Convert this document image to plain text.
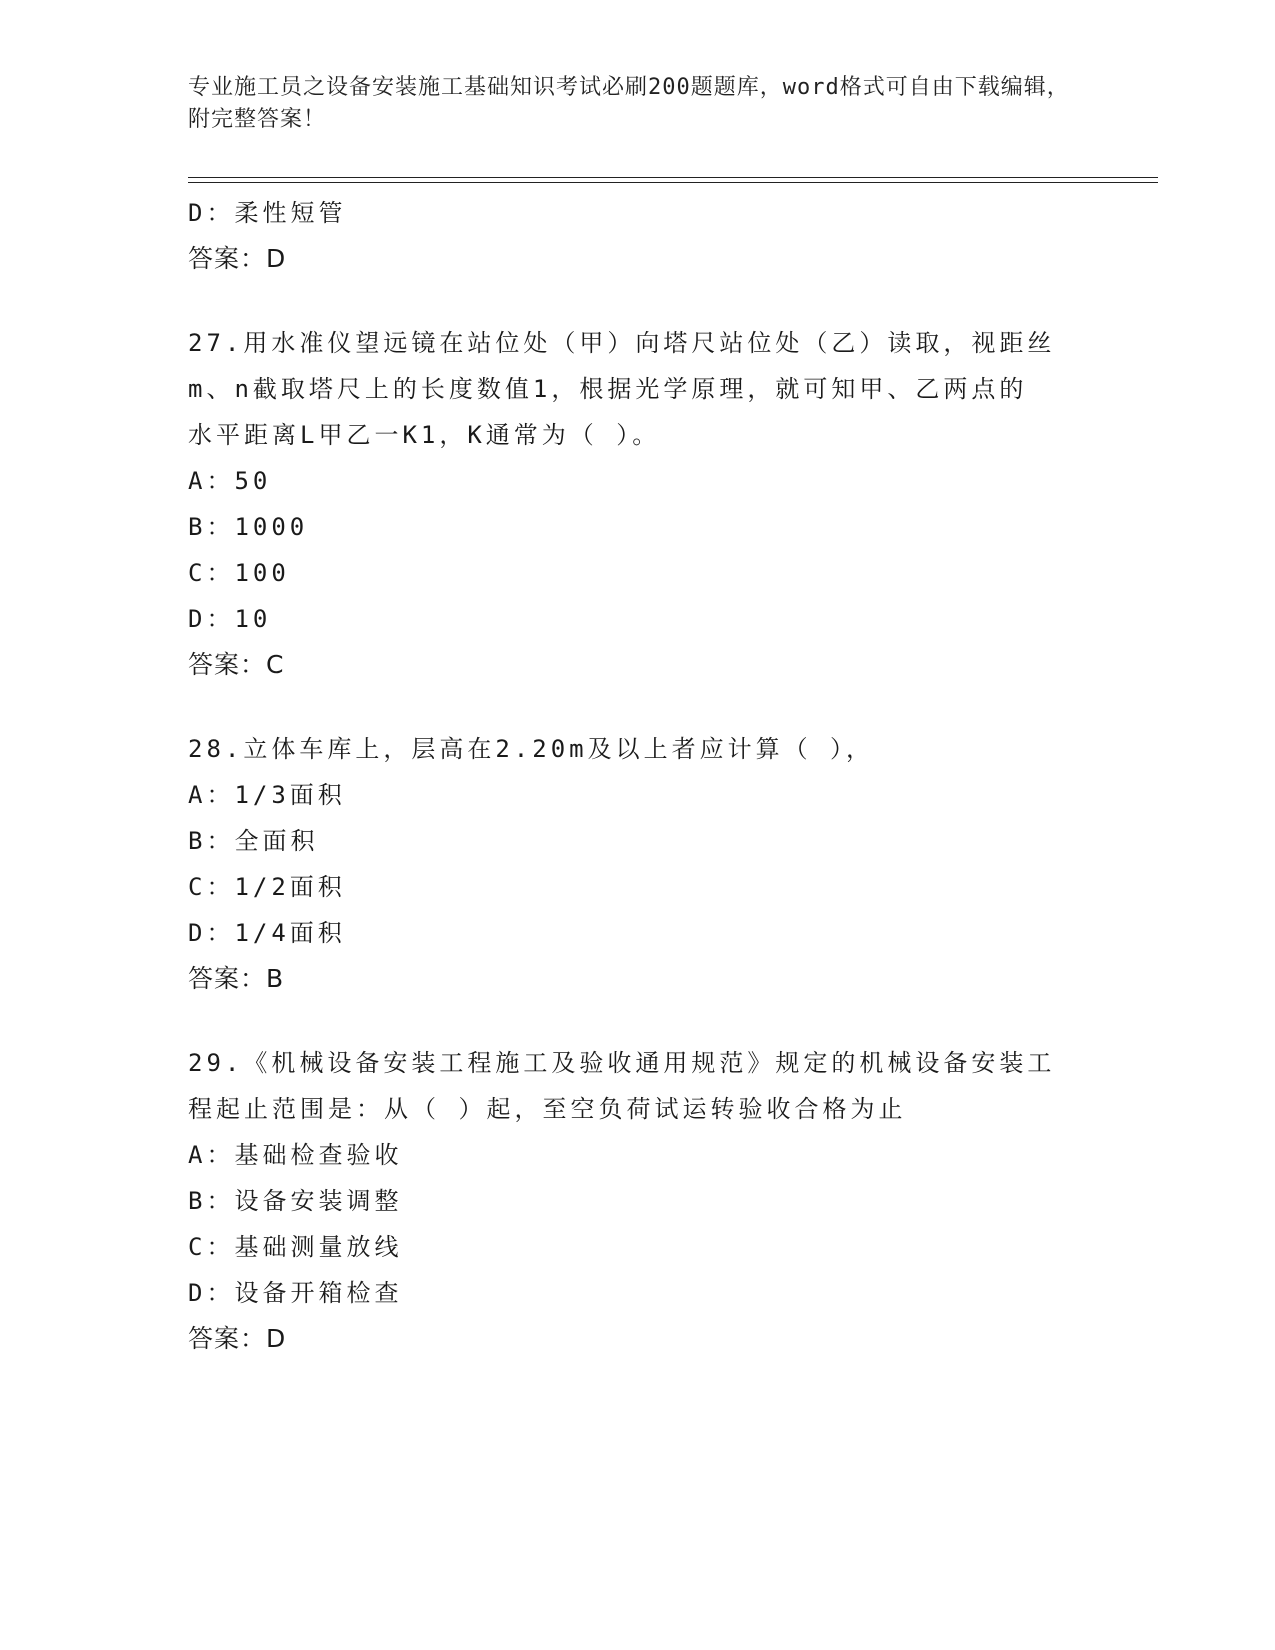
专业施工员之设备安装施工基础知识考试必刷200题题库，word格式可自由下载编辑，附完整答案！
D：柔性短管
答案：D
27.用水准仪望远镜在站位处（甲）向塔尺站位处（乙）读取，视距丝
m、n截取塔尺上的长度数值1，根据光学原理，就可知甲、乙两点的
水平距离L甲乙一K1，K通常为（ ）。
A：50
B：1000
C：100
D：10
答案：C
28.立体车库上，层高在2.20m及以上者应计算（ ），
A：1/3面积
B：全面积
C：1/2面积
D：1/4面积
答案：B
29.《机械设备安装工程施工及验收通用规范》规定的机械设备安装工
程起止范围是：从（ ）起，至空负荷试运转验收合格为止
A：基础检查验收
B：设备安装调整
C：基础测量放线
D：设备开箱检查
答案：D
